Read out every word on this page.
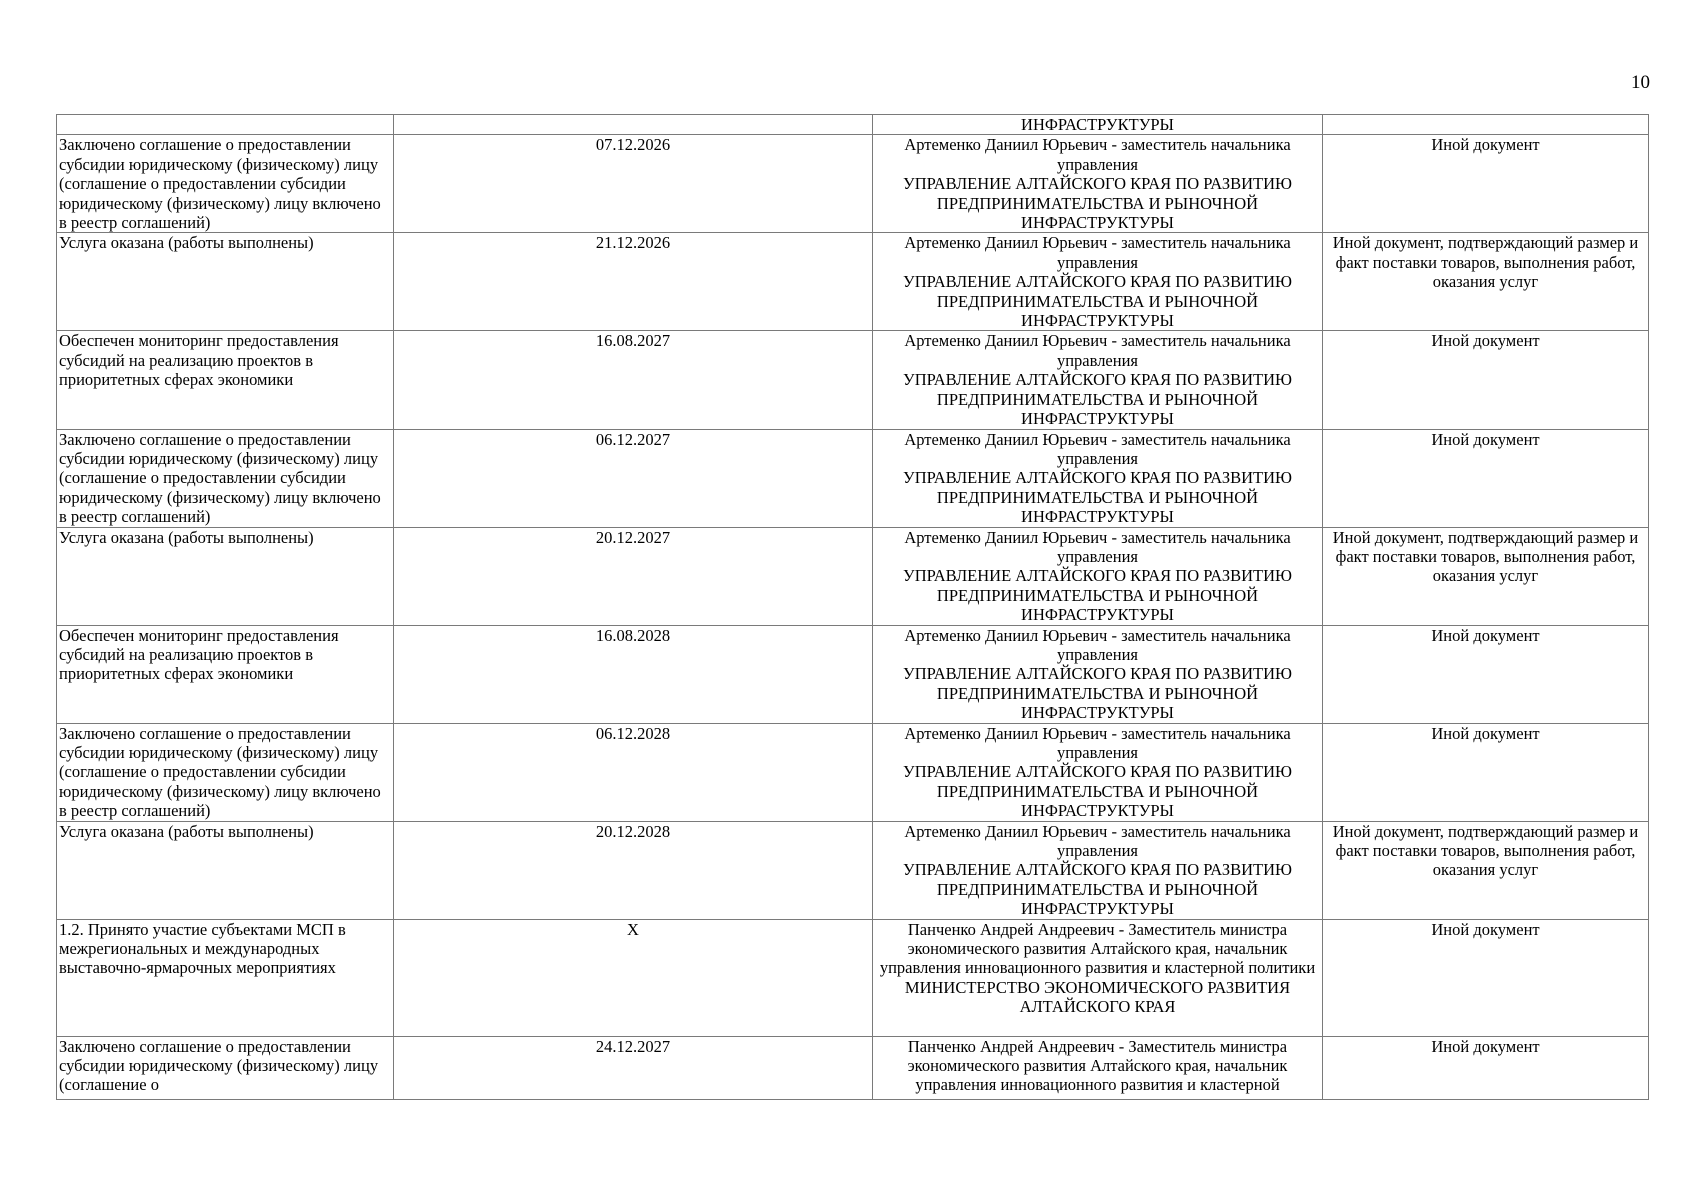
10

		ИНФРАСТРУКТУРЫ	

Заключено соглашение о предоставлении субсидии юридическому (физическому) лицу (соглашение о предоставлении субсидии юридическому (физическому) лицу включено в реестр соглашений)	07.12.2026	Артеменко Даниил Юрьевич - заместитель начальника управления
УПРАВЛЕНИЕ АЛТАЙСКОГО КРАЯ ПО РАЗВИТИЮ ПРЕДПРИНИМАТЕЛЬСТВА И РЫНОЧНОЙ ИНФРАСТРУКТУРЫ	Иной документ
Услуга оказана (работы выполнены)	21.12.2026	Артеменко Даниил Юрьевич - заместитель начальника управления
УПРАВЛЕНИЕ АЛТАЙСКОГО КРАЯ ПО РАЗВИТИЮ ПРЕДПРИНИМАТЕЛЬСТВА И РЫНОЧНОЙ ИНФРАСТРУКТУРЫ	Иной документ, подтверждающий размер и факт поставки товаров, выполнения работ, оказания услуг
Обеспечен мониторинг предоставления субсидий на реализацию проектов в приоритетных сферах экономики	16.08.2027	Артеменко Даниил Юрьевич - заместитель начальника управления
УПРАВЛЕНИЕ АЛТАЙСКОГО КРАЯ ПО РАЗВИТИЮ ПРЕДПРИНИМАТЕЛЬСТВА И РЫНОЧНОЙ ИНФРАСТРУКТУРЫ	Иной документ
Заключено соглашение о предоставлении субсидии юридическому (физическому) лицу (соглашение о предоставлении субсидии юридическому (физическому) лицу включено в реестр соглашений)	06.12.2027	Артеменко Даниил Юрьевич - заместитель начальника управления
УПРАВЛЕНИЕ АЛТАЙСКОГО КРАЯ ПО РАЗВИТИЮ ПРЕДПРИНИМАТЕЛЬСТВА И РЫНОЧНОЙ ИНФРАСТРУКТУРЫ	Иной документ
Услуга оказана (работы выполнены)	20.12.2027	Артеменко Даниил Юрьевич - заместитель начальника управления
УПРАВЛЕНИЕ АЛТАЙСКОГО КРАЯ ПО РАЗВИТИЮ ПРЕДПРИНИМАТЕЛЬСТВА И РЫНОЧНОЙ ИНФРАСТРУКТУРЫ	Иной документ, подтверждающий размер и факт поставки товаров, выполнения работ, оказания услуг
Обеспечен мониторинг предоставления субсидий на реализацию проектов в приоритетных сферах экономики	16.08.2028	Артеменко Даниил Юрьевич - заместитель начальника управления
УПРАВЛЕНИЕ АЛТАЙСКОГО КРАЯ ПО РАЗВИТИЮ ПРЕДПРИНИМАТЕЛЬСТВА И РЫНОЧНОЙ ИНФРАСТРУКТУРЫ	Иной документ
Заключено соглашение о предоставлении субсидии юридическому (физическому) лицу (соглашение о предоставлении субсидии юридическому (физическому) лицу включено в реестр соглашений)	06.12.2028	Артеменко Даниил Юрьевич - заместитель начальника управления
УПРАВЛЕНИЕ АЛТАЙСКОГО КРАЯ ПО РАЗВИТИЮ ПРЕДПРИНИМАТЕЛЬСТВА И РЫНОЧНОЙ ИНФРАСТРУКТУРЫ	Иной документ
Услуга оказана (работы выполнены)	20.12.2028	Артеменко Даниил Юрьевич - заместитель начальника управления
УПРАВЛЕНИЕ АЛТАЙСКОГО КРАЯ ПО РАЗВИТИЮ ПРЕДПРИНИМАТЕЛЬСТВА И РЫНОЧНОЙ ИНФРАСТРУКТУРЫ	Иной документ, подтверждающий размер и факт поставки товаров, выполнения работ, оказания услуг
1.2. Принято участие субъектами МСП в межрегиональных и международных выставочно-ярмарочных мероприятиях	X	Панченко Андрей Андреевич - Заместитель министра экономического развития Алтайского края, начальник управления инновационного развития и кластерной политики
МИНИСТЕРСТВО ЭКОНОМИЧЕСКОГО РАЗВИТИЯ АЛТАЙСКОГО КРАЯ	Иной документ
Заключено соглашение о предоставлении субсидии юридическому (физическому) лицу (соглашение о	24.12.2027	Панченко Андрей Андреевич - Заместитель министра экономического развития Алтайского края, начальник управления инновационного развития и кластерной	Иной документ
